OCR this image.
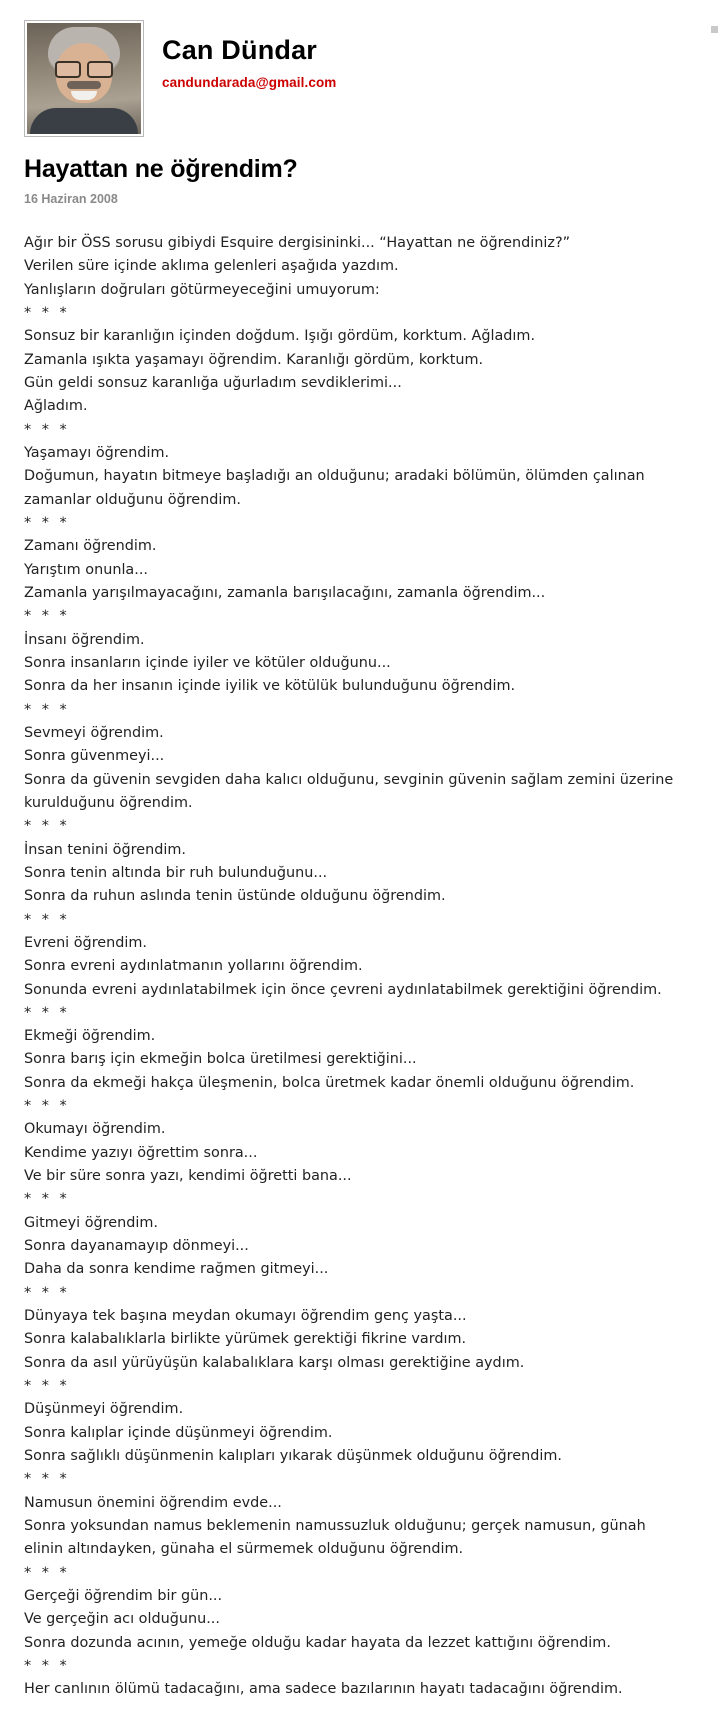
Can Dündar
candundarada@gmail.com
Hayattan ne öğrendim?
16 Haziran 2008

Ağır bir ÖSS sorusu gibiydi Esquire dergisininki... “Hayattan ne öğrendiniz?”
Verilen süre içinde aklıma gelenleri aşağıda yazdım.
Yanlışların doğruları götürmeyeceğini umuyorum:

* * *

Sonsuz bir karanlığın içinden doğdum. Işığı gördüm, korktum. Ağladım.
Zamanla ışıkta yaşamayı öğrendim. Karanlığı gördüm, korktum.
Gün geldi sonsuz karanlığa uğurladım sevdiklerimi...
Ağladım.

* * *

Yaşamayı öğrendim.
Doğumun, hayatın bitmeye başladığı an olduğunu; aradaki bölümün, ölümden çalınan zamanlar olduğunu öğrendim.

* * *

Zamanı öğrendim.
Yarıştım onunla...
Zamanla yarışılmayacağını, zamanla barışılacağını, zamanla öğrendim...

* * *

İnsanı öğrendim.
Sonra insanların içinde iyiler ve kötüler olduğunu...
Sonra da her insanın içinde iyilik ve kötülük bulunduğunu öğrendim.

* * *

Sevmeyi öğrendim.
Sonra güvenmeyi...
Sonra da güvenin sevgiden daha kalıcı olduğunu, sevginin güvenin sağlam zemini üzerine kurulduğunu öğrendim.

* * *

İnsan tenini öğrendim.
Sonra tenin altında bir ruh bulunduğunu...
Sonra da ruhun aslında tenin üstünde olduğunu öğrendim.

* * *

Evreni öğrendim.
Sonra evreni aydınlatmanın yollarını öğrendim.
Sonunda evreni aydınlatabilmek için önce çevreni aydınlatabilmek gerektiğini öğrendim.

* * *

Ekmeği öğrendim.
Sonra barış için ekmeğin bolca üretilmesi gerektiğini...
Sonra da ekmeği hakça üleşmenin, bolca üretmek kadar önemli olduğunu öğrendim.

* * *

Okumayı öğrendim.
Kendime yazıyı öğrettim sonra...
Ve bir süre sonra yazı, kendimi öğretti bana...

* * *

Gitmeyi öğrendim.
Sonra dayanamayıp dönmeyi...
Daha da sonra kendime rağmen gitmeyi...

* * *

Dünyaya tek başına meydan okumayı öğrendim genç yaşta...
Sonra kalabalıklarla birlikte yürümek gerektiği fikrine vardım.
Sonra da asıl yürüyüşün kalabalıklara karşı olması gerektiğine aydım.

* * *

Düşünmeyi öğrendim.
Sonra kalıplar içinde düşünmeyi öğrendim.
Sonra sağlıklı düşünmenin kalıpları yıkarak düşünmek olduğunu öğrendim.

* * *

Namusun önemini öğrendim evde...
Sonra yoksundan namus beklemenin namussuzluk olduğunu; gerçek namusun, günah elinin altındayken, günaha el sürmemek olduğunu öğrendim.

* * *

Gerçeği öğrendim bir gün...
Ve gerçeğin acı olduğunu...
Sonra dozunda acının, yemeğe olduğu kadar hayata da lezzet kattığını öğrendim.

* * *

Her canlının ölümü tadacağını, ama sadece bazılarının hayatı tadacağını öğrendim.
